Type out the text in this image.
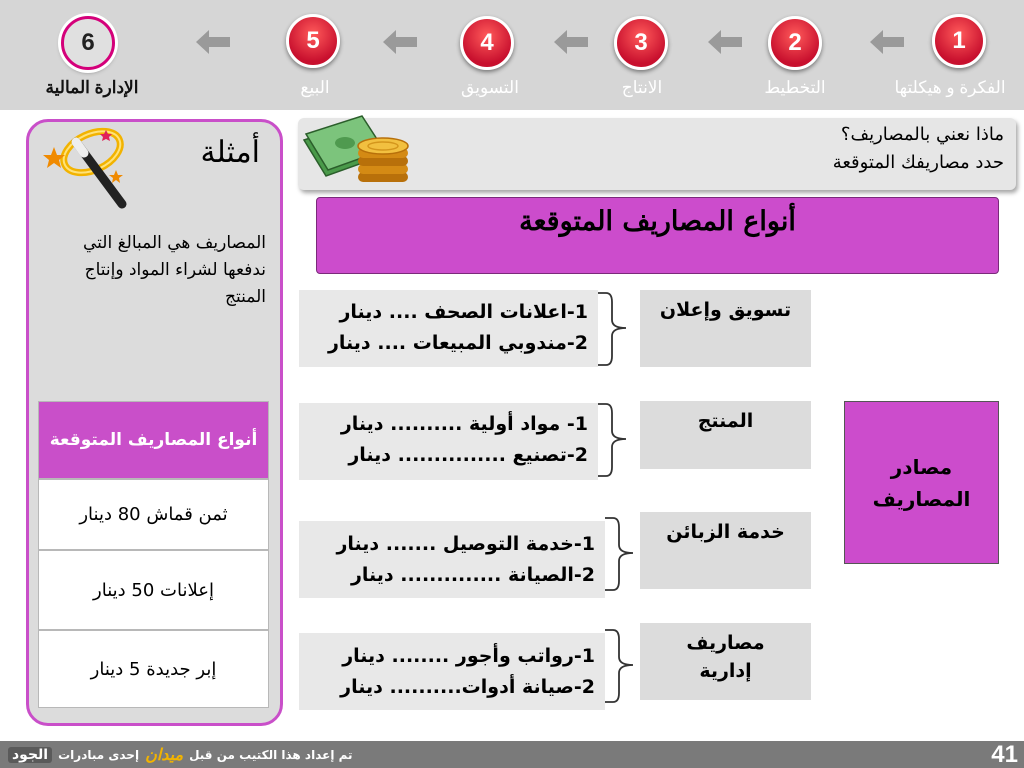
1
2
3
4
5
6
الفكرة و هيكلتها
التخطيط
الانتاج
التسويق
البيع
الإدارة المالية
أمثلة
المصاريف هي المبالغ التي ندفعها لشراء المواد وإنتاج المنتج
أنواع المصاريف المتوقعة
ثمن قماش 80 دينار
إعلانات 50 دينار
إبر جديدة 5 دينار
ماذا نعني بالمصاريف؟
حدد مصاريفك المتوقعة
أنواع المصاريف المتوقعة
مصادر المصاريف
تسويق وإعلان
المنتج
خدمة الزبائن
مصاريف إدارية
1-اعلانات الصحف .... دينار
2-مندوبي المبيعات .... دينار
1- مواد أولية .......... دينار
2-تصنيع ............... دينار
1-خدمة التوصيل ....... دينار
2-الصيانة .............. دينار
1-رواتب وأجور ........ دينار
2-صيانة أدوات.......... دينار
41
تم إعداد هذا الكتيب من قبل
ميدان
إحدى مبادرات
الجود
